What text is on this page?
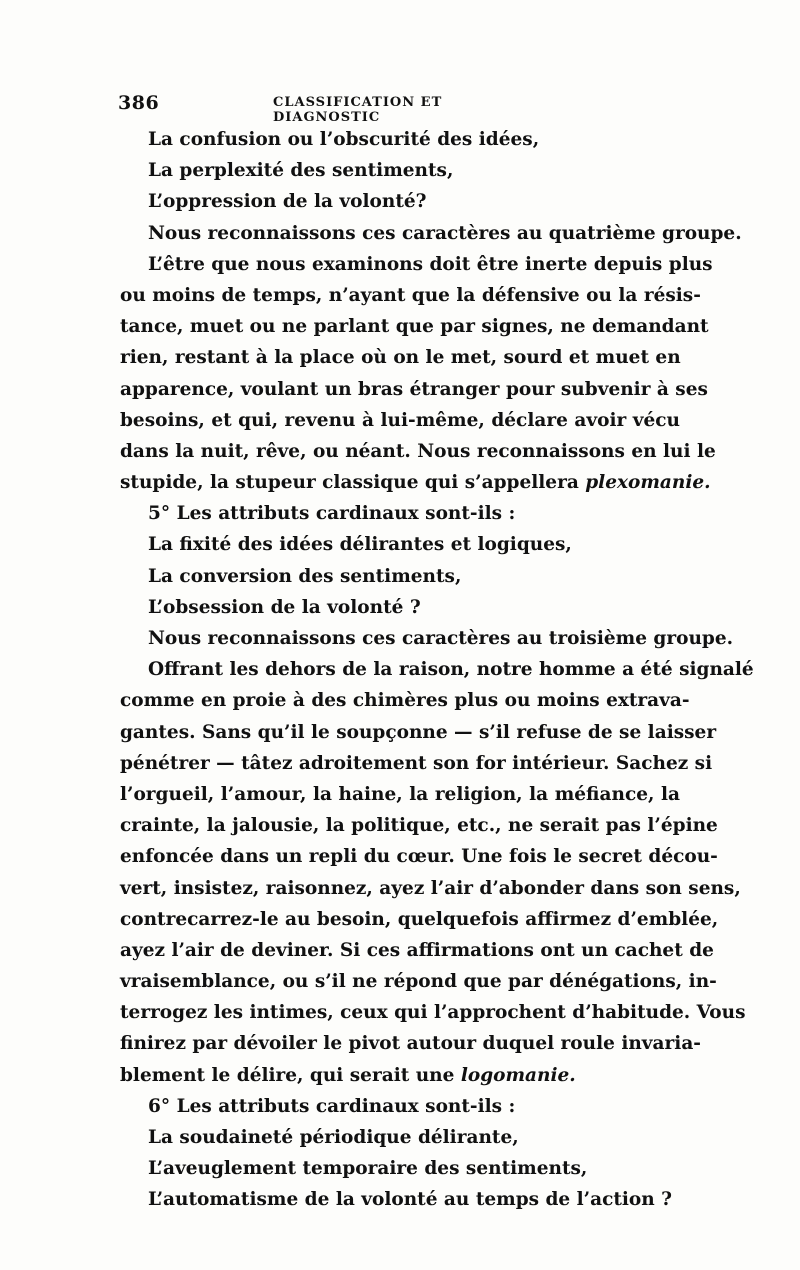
386	CLASSIFICATION ET DIAGNOSTIC
La confusion ou l’obscurité des idées,
La perplexité des sentiments,
L’oppression de la volonté?
Nous reconnaissons ces caractères au quatrième groupe.
L’être que nous examinons doit être inerte depuis plus
ou moins de temps, n’ayant que la défensive ou la résis-
tance, muet ou ne parlant que par signes, ne demandant
rien, restant à la place où on le met, sourd et muet en
apparence, voulant un bras étranger pour subvenir à ses
besoins, et qui, revenu à lui-même, déclare avoir vécu
dans la nuit, rêve, ou néant. Nous reconnaissons en lui le
stupide, la stupeur classique qui s’appellera plexomanie.
5° Les attributs cardinaux sont-ils :
La fixité des idées délirantes et logiques,
La conversion des sentiments,
L’obsession de la volonté ?
Nous reconnaissons ces caractères au troisième groupe.
Offrant les dehors de la raison, notre homme a été signalé
comme en proie à des chimères plus ou moins extrava-
gantes. Sans qu’il le soupçonne — s’il refuse de se laisser
pénétrer — tâtez adroitement son for intérieur. Sachez si
l’orgueil, l’amour, la haine, la religion, la méfiance, la
crainte, la jalousie, la politique, etc., ne serait pas l’épine
enfoncée dans un repli du cœur. Une fois le secret décou-
vert, insistez, raisonnez, ayez l’air d’abonder dans son sens,
contrecarrez-le au besoin, quelquefois affirmez d’emblée,
ayez l’air de deviner. Si ces affirmations ont un cachet de
vraisemblance, ou s’il ne répond que par dénégations, in-
terrogez les intimes, ceux qui l’approchent d’habitude. Vous
finirez par dévoiler le pivot autour duquel roule invaria-
blement le délire, qui serait une logomanie.
6° Les attributs cardinaux sont-ils :
La soudaineté périodique délirante,
L’aveuglement temporaire des sentiments,
L’automatisme de la volonté au temps de l’action ?
